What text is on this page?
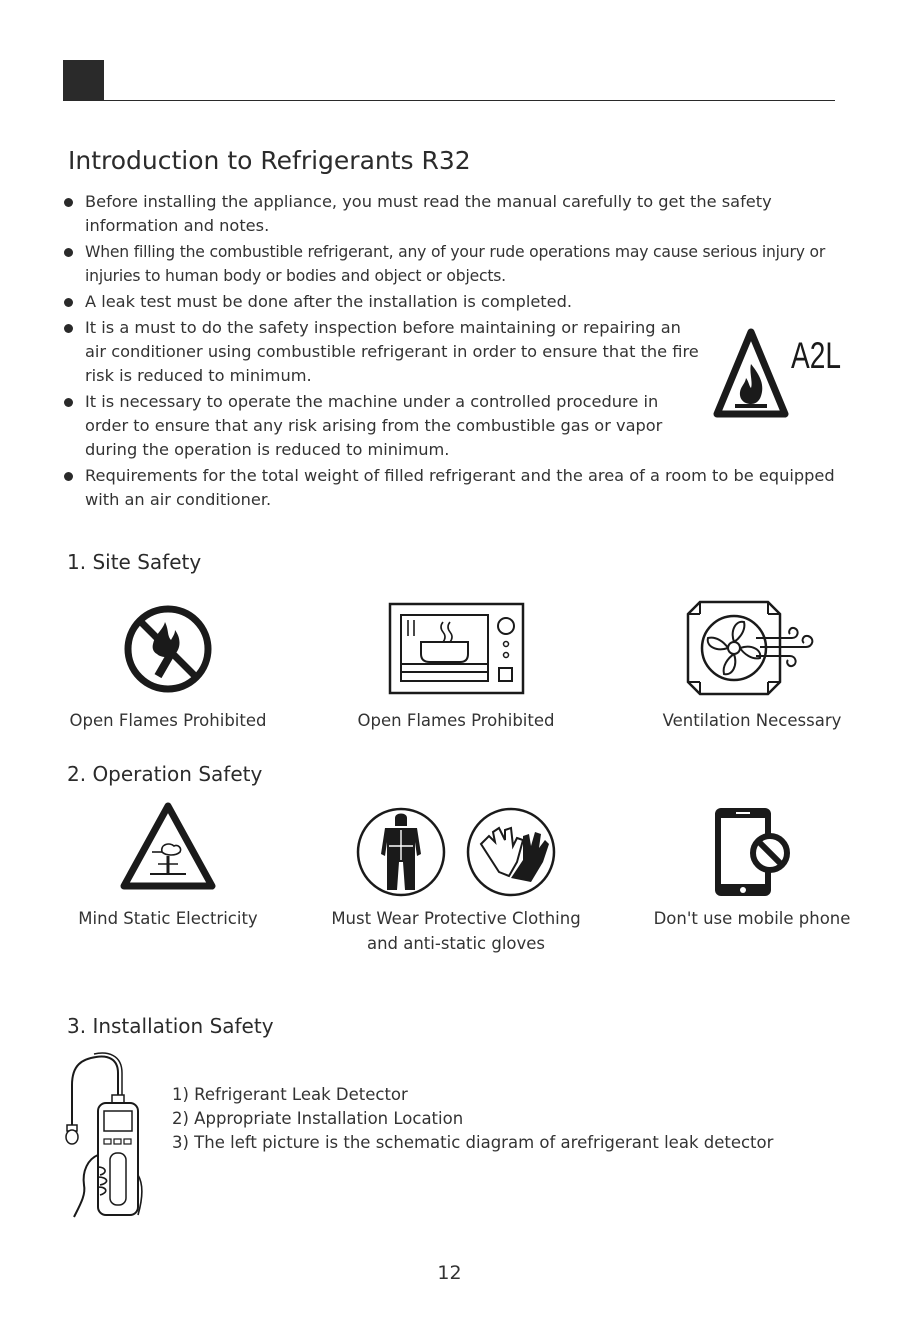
Introduction to Refrigerants R32
Before installing the appliance, you must read the manual carefully to get the safety information and notes.
When filling the combustible refrigerant, any of your rude operations may cause serious injury or injuries to human body or bodies and object or objects.
A leak test must be done after the installation is completed.
It is a must to do the safety inspection before maintaining or repairing an air conditioner using combustible refrigerant in order to ensure that the fire risk is reduced to minimum.
It is necessary to operate the machine under a controlled procedure in order to ensure that any risk arising from the combustible gas or vapor during the operation is reduced to minimum.
Requirements for the total weight of filled refrigerant and the area of a room to be equipped with an air conditioner.
A2L
1. Site Safety
Open Flames Prohibited	Open Flames Prohibited	Ventilation Necessary
2. Operation Safety
Mind Static Electricity	Must Wear Protective Clothing
and anti-static gloves
Don't use mobile phone
3. Installation Safety
1) Refrigerant Leak Detector
2) Appropriate Installation Location
3) The left picture is the schematic diagram of arefrigerant leak detector
12
